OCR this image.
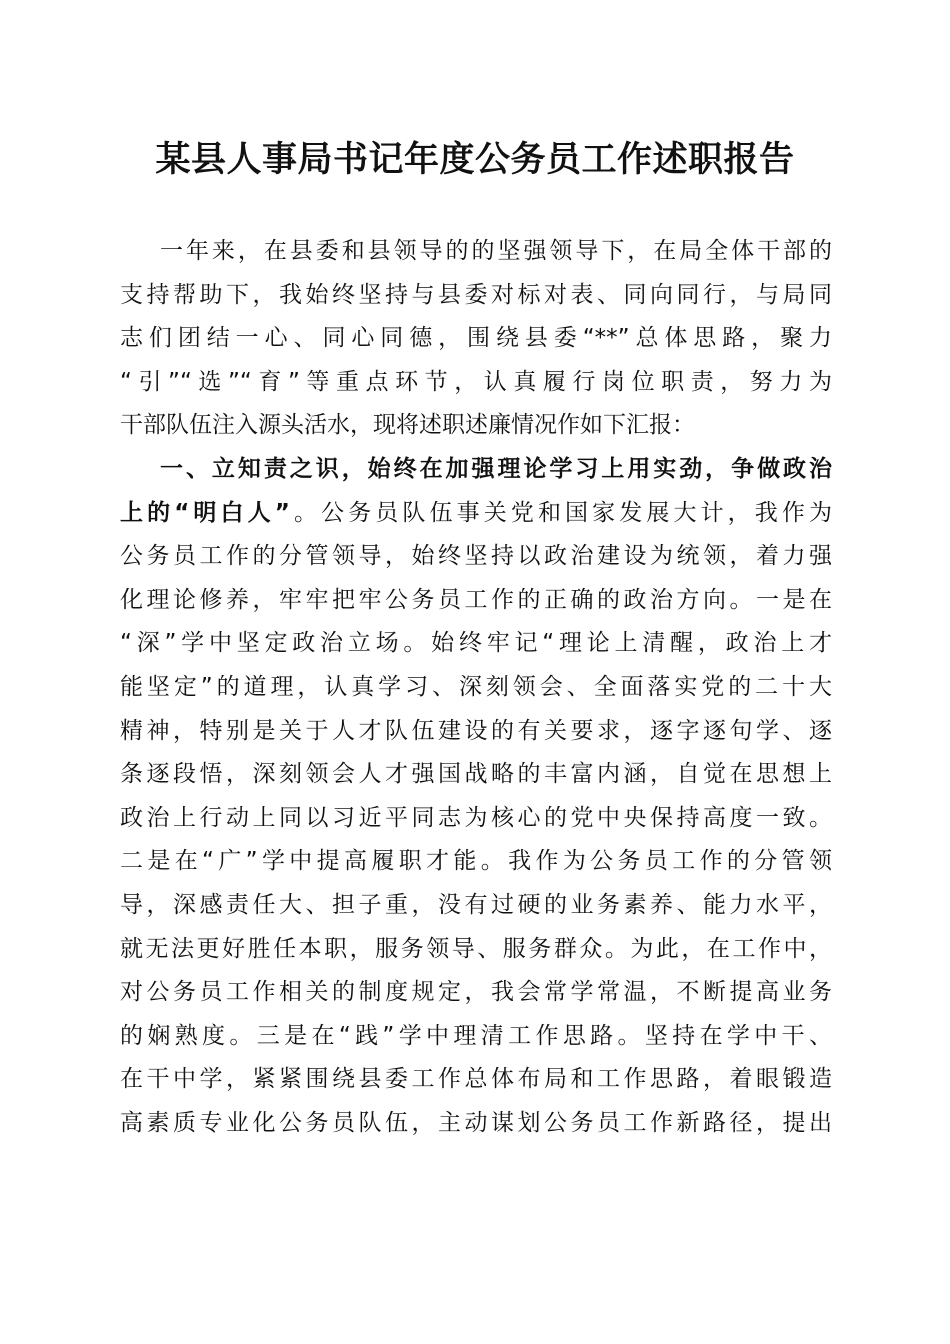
某县人事局书记年度公务员工作述职报告
一年来，在县委和县领导的的坚强领导下，在局全体干部的
支持帮助下，我始终坚持与县委对标对表、同向同行，与局同
志们团结一心、同心同德，围绕县委“**”总体思路，聚力
“引”“选”“育”等重点环节，认真履行岗位职责，努力为
干部队伍注入源头活水，现将述职述廉情况作如下汇报：
一、立知责之识，始终在加强理论学习上用实劲，争做政治
上的“明白人”。公务员队伍事关党和国家发展大计，我作为
公务员工作的分管领导，始终坚持以政治建设为统领，着力强
化理论修养，牢牢把牢公务员工作的正确的政治方向。一是在
“深”学中坚定政治立场。始终牢记“理论上清醒，政治上才
能坚定”的道理，认真学习、深刻领会、全面落实党的二十大
精神，特别是关于人才队伍建设的有关要求，逐字逐句学、逐
条逐段悟，深刻领会人才强国战略的丰富内涵，自觉在思想上
政治上行动上同以习近平同志为核心的党中央保持高度一致。
二是在“广”学中提高履职才能。我作为公务员工作的分管领
导，深感责任大、担子重，没有过硬的业务素养、能力水平，
就无法更好胜任本职，服务领导、服务群众。为此，在工作中，
对公务员工作相关的制度规定，我会常学常温，不断提高业务
的娴熟度。三是在“践”学中理清工作思路。坚持在学中干、
在干中学，紧紧围绕县委工作总体布局和工作思路，着眼锻造
高素质专业化公务员队伍，主动谋划公务员工作新路径，提出
